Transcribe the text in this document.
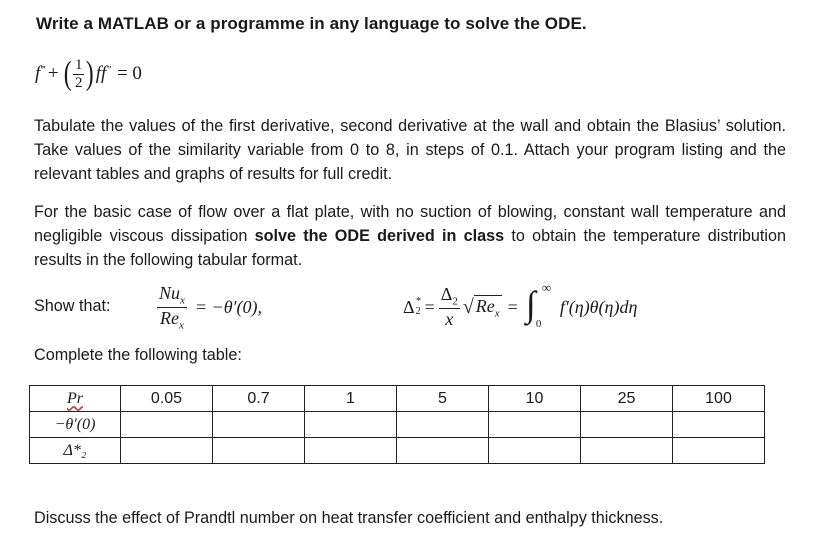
Write a MATLAB or a programme in any language to solve the ODE.
f‴ + ( $\frac{1}{2}$ ) ff″ = 0
Tabulate the values of the first derivative, second derivative at the wall and obtain the Blasius’ solution. Take values of the similarity variable from 0 to 8, in steps of 0.1. Attach your program listing and the relevant tables and graphs of results for full credit.
For the basic case of flow over a flat plate, with no suction of blowing, constant wall temperature and negligible viscous dissipation solve the ODE derived in class to obtain the temperature distribution results in the following tabular format.
Show that:	$\frac{Nu_x}{Re_x} = -\theta'(0)$,	Δ *
$2 = \frac{\Delta_2}{x}$ √ $Re_x$ = ∫ ∞
0
f′(η)θ(η)dη
Complete the following table:
Pr	0.05	0.7	1	5	10	25	100
−θ′(0)							
Δ*₂							
Discuss the effect of Prandtl number on heat transfer coefficient and enthalpy thickness.
